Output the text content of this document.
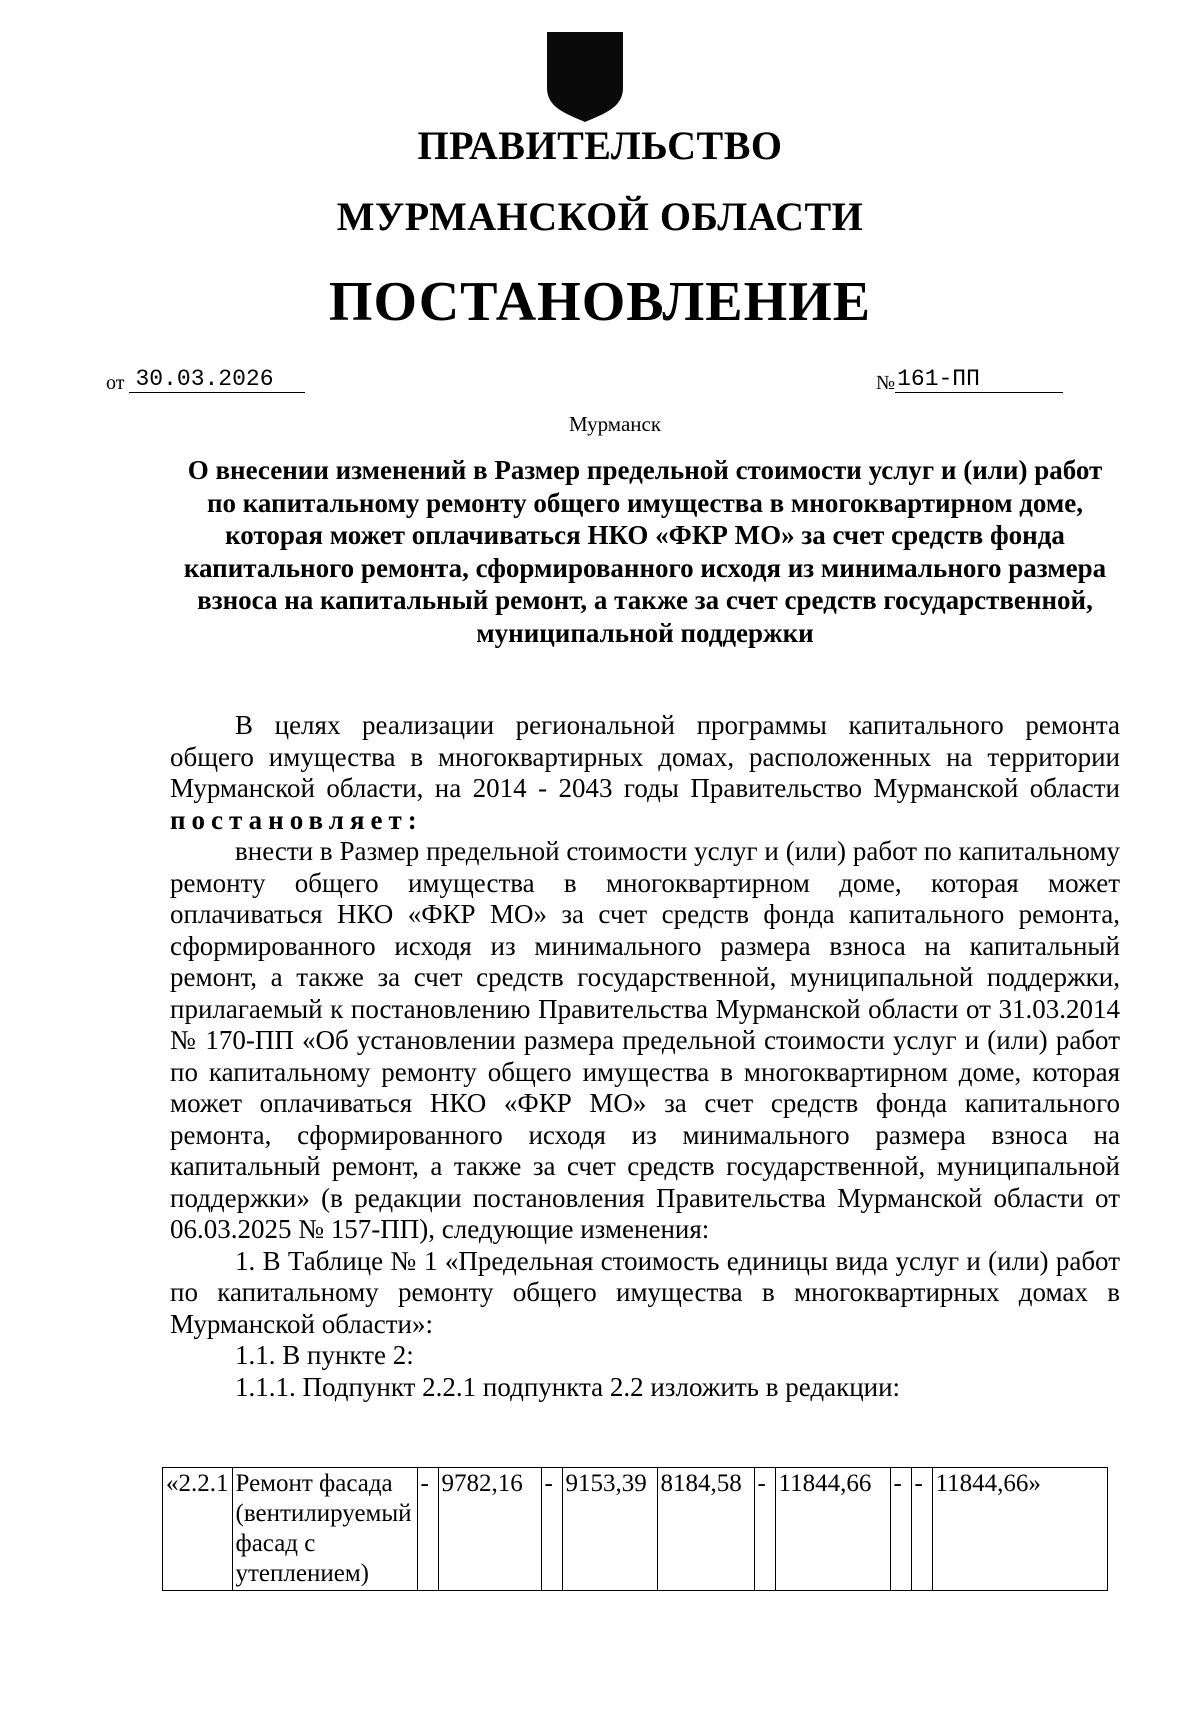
ПРАВИТЕЛЬСТВО
МУРМАНСКОЙ ОБЛАСТИ
ПОСТАНОВЛЕНИЕ
от 30.03.2026	№161-ПП
Мурманск
О внесении изменений в Размер предельной стоимости услуг и (или) работ по капитальному ремонту общего имущества в многоквартирном доме, которая может оплачиваться НКО «ФКР МО» за счет средств фонда капитального ремонта, сформированного исходя из минимального размера взноса на капитальный ремонт, а также за счет средств государственной, муниципальной поддержки

В целях реализации региональной программы капитального ремонта общего имущества в многоквартирных домах, расположенных на территории Мурманской области, на 2014 - 2043 годы Правительство Мурманской области постановляет:

внести в Размер предельной стоимости услуг и (или) работ по капитальному ремонту общего имущества в многоквартирном доме, которая может оплачиваться НКО «ФКР МО» за счет средств фонда капитального ремонта, сформированного исходя из минимального размера взноса на капитальный ремонт, а также за счет средств государственной, муниципальной поддержки, прилагаемый к постановлению Правительства Мурманской области от 31.03.2014 № 170-ПП «Об установлении размера предельной стоимости услуг и (или) работ по капитальному ремонту общего имущества в многоквартирном доме, которая может оплачиваться НКО «ФКР МО» за счет средств фонда капитального ремонта, сформированного исходя из минимального размера взноса на капитальный ремонт, а также за счет средств государственной, муниципальной поддержки» (в редакции постановления Правительства Мурманской области от 06.03.2025 № 157-ПП), следующие изменения:

1. В Таблице № 1 «Предельная стоимость единицы вида услуг и (или) работ по капитальному ремонту общего имущества в многоквартирных домах в Мурманской области»:

1.1. В пункте 2:

1.1.1. Подпункт 2.2.1 подпункта 2.2 изложить в редакции:

«2.2.1	Ремонт фасада (вентилируемый фасад с утеплением)	-	9782,16	-	9153,39	8184,58	-	11844,66	-	-	11844,66»
